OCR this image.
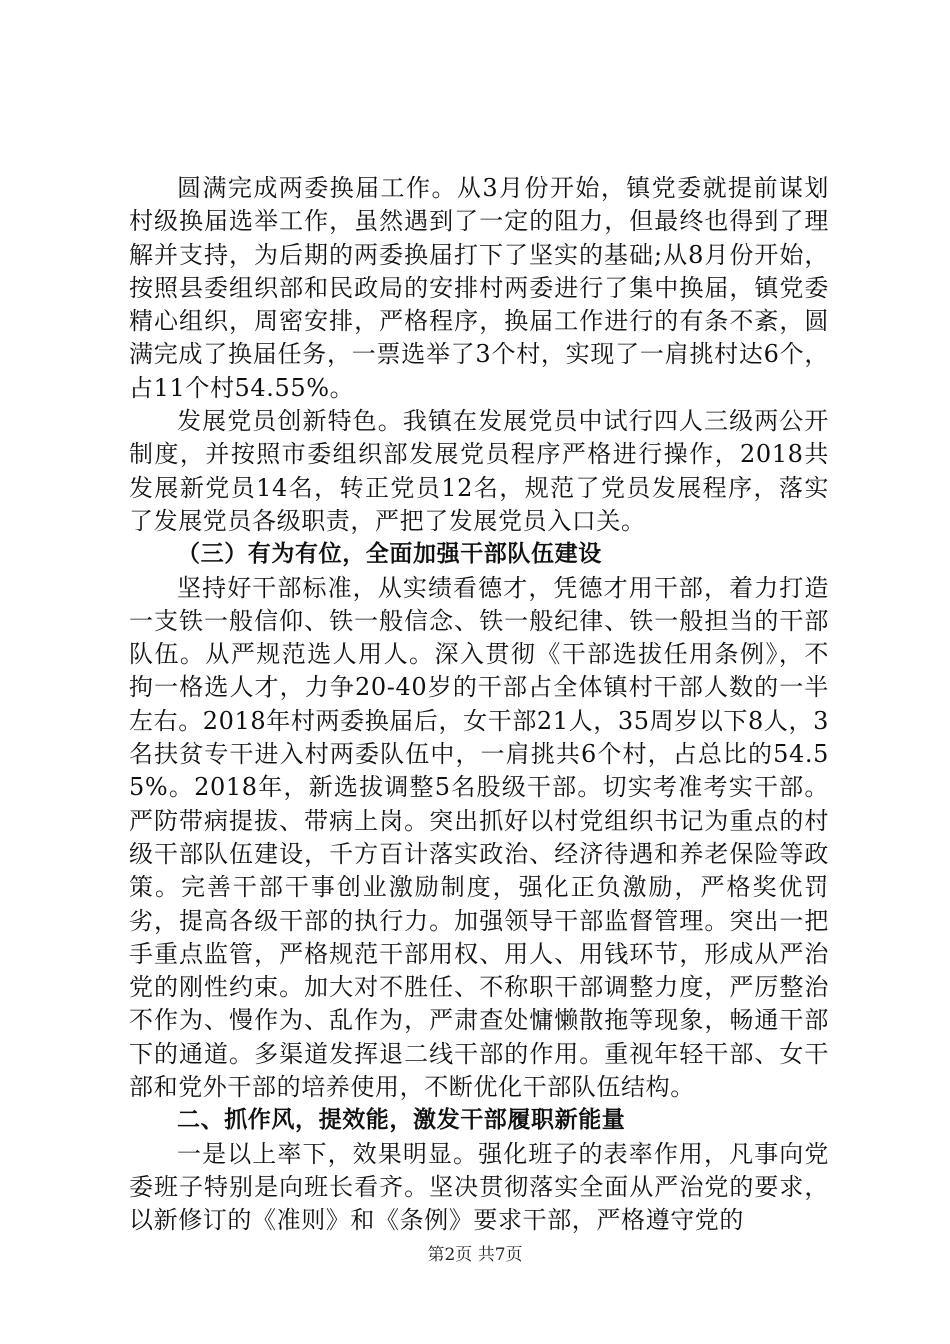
圆满完成两委换届工作。从3月份开始，镇党委就提前谋划村级换届选举工作，虽然遇到了一定的阻力，但最终也得到了理解并支持，为后期的两委换届打下了坚实的基础;从8月份开始，按照县委组织部和民政局的安排村两委进行了集中换届，镇党委精心组织，周密安排，严格程序，换届工作进行的有条不紊，圆满完成了换届任务，一票选举了3个村，实现了一肩挑村达6个，占11个村54.55%。

发展党员创新特色。我镇在发展党员中试行四人三级两公开制度，并按照市委组织部发展党员程序严格进行操作，2018共发展新党员14名，转正党员12名，规范了党员发展程序，落实了发展党员各级职责，严把了发展党员入口关。

（三）有为有位，全面加强干部队伍建设

坚持好干部标准，从实绩看德才，凭德才用干部，着力打造一支铁一般信仰、铁一般信念、铁一般纪律、铁一般担当的干部队伍。从严规范选人用人。深入贯彻《干部选拔任用条例》，不拘一格选人才，力争20-40岁的干部占全体镇村干部人数的一半左右。2018年村两委换届后，女干部21人，35周岁以下8人，3名扶贫专干进入村两委队伍中，一肩挑共6个村，占总比的54.55%。2018年，新选拔调整5名股级干部。切实考准考实干部。严防带病提拔、带病上岗。突出抓好以村党组织书记为重点的村级干部队伍建设，千方百计落实政治、经济待遇和养老保险等政策。完善干部干事创业激励制度，强化正负激励，严格奖优罚劣，提高各级干部的执行力。加强领导干部监督管理。突出一把手重点监管，严格规范干部用权、用人、用钱环节，形成从严治党的刚性约束。加大对不胜任、不称职干部调整力度，严厉整治不作为、慢作为、乱作为，严肃查处慵懒散拖等现象，畅通干部下的通道。多渠道发挥退二线干部的作用。重视年轻干部、女干部和党外干部的培养使用，不断优化干部队伍结构。

二、抓作风，提效能，激发干部履职新能量

一是以上率下，效果明显。强化班子的表率作用，凡事向党委班子特别是向班长看齐。坚决贯彻落实全面从严治党的要求，以新修订的《准则》和《条例》要求干部，严格遵守党的

第2页 共7页
